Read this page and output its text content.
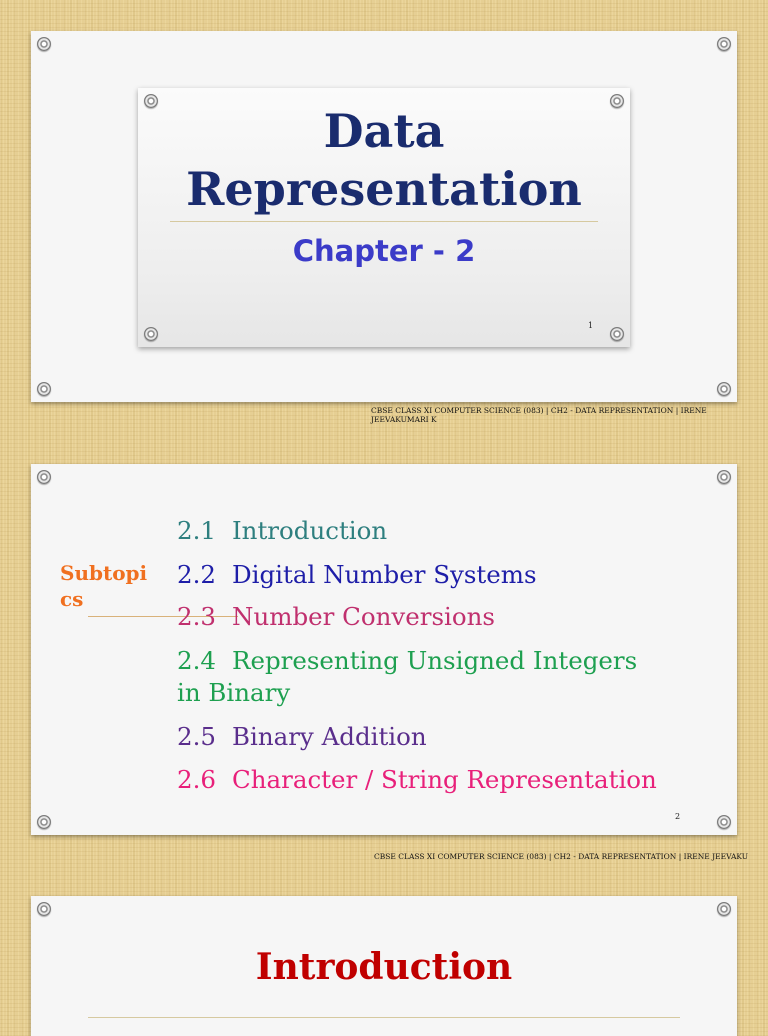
Data
Representation
Chapter - 2
1
CBSE CLASS XI COMPUTER SCIENCE (083) | CH2 - DATA REPRESENTATION | IRENE
JEEVAKUMARI K
2
Subtopi
cs
2.1 Introduction
2.2 Digital Number Systems
2.3 Number Conversions
2.4 Representing Unsigned Integers
in Binary
2.5 Binary Addition
2.6 Character / String Representation
CBSE CLASS XI COMPUTER SCIENCE (083) | CH2 - DATA REPRESENTATION | IRENE JEEVAKU
Introduction
